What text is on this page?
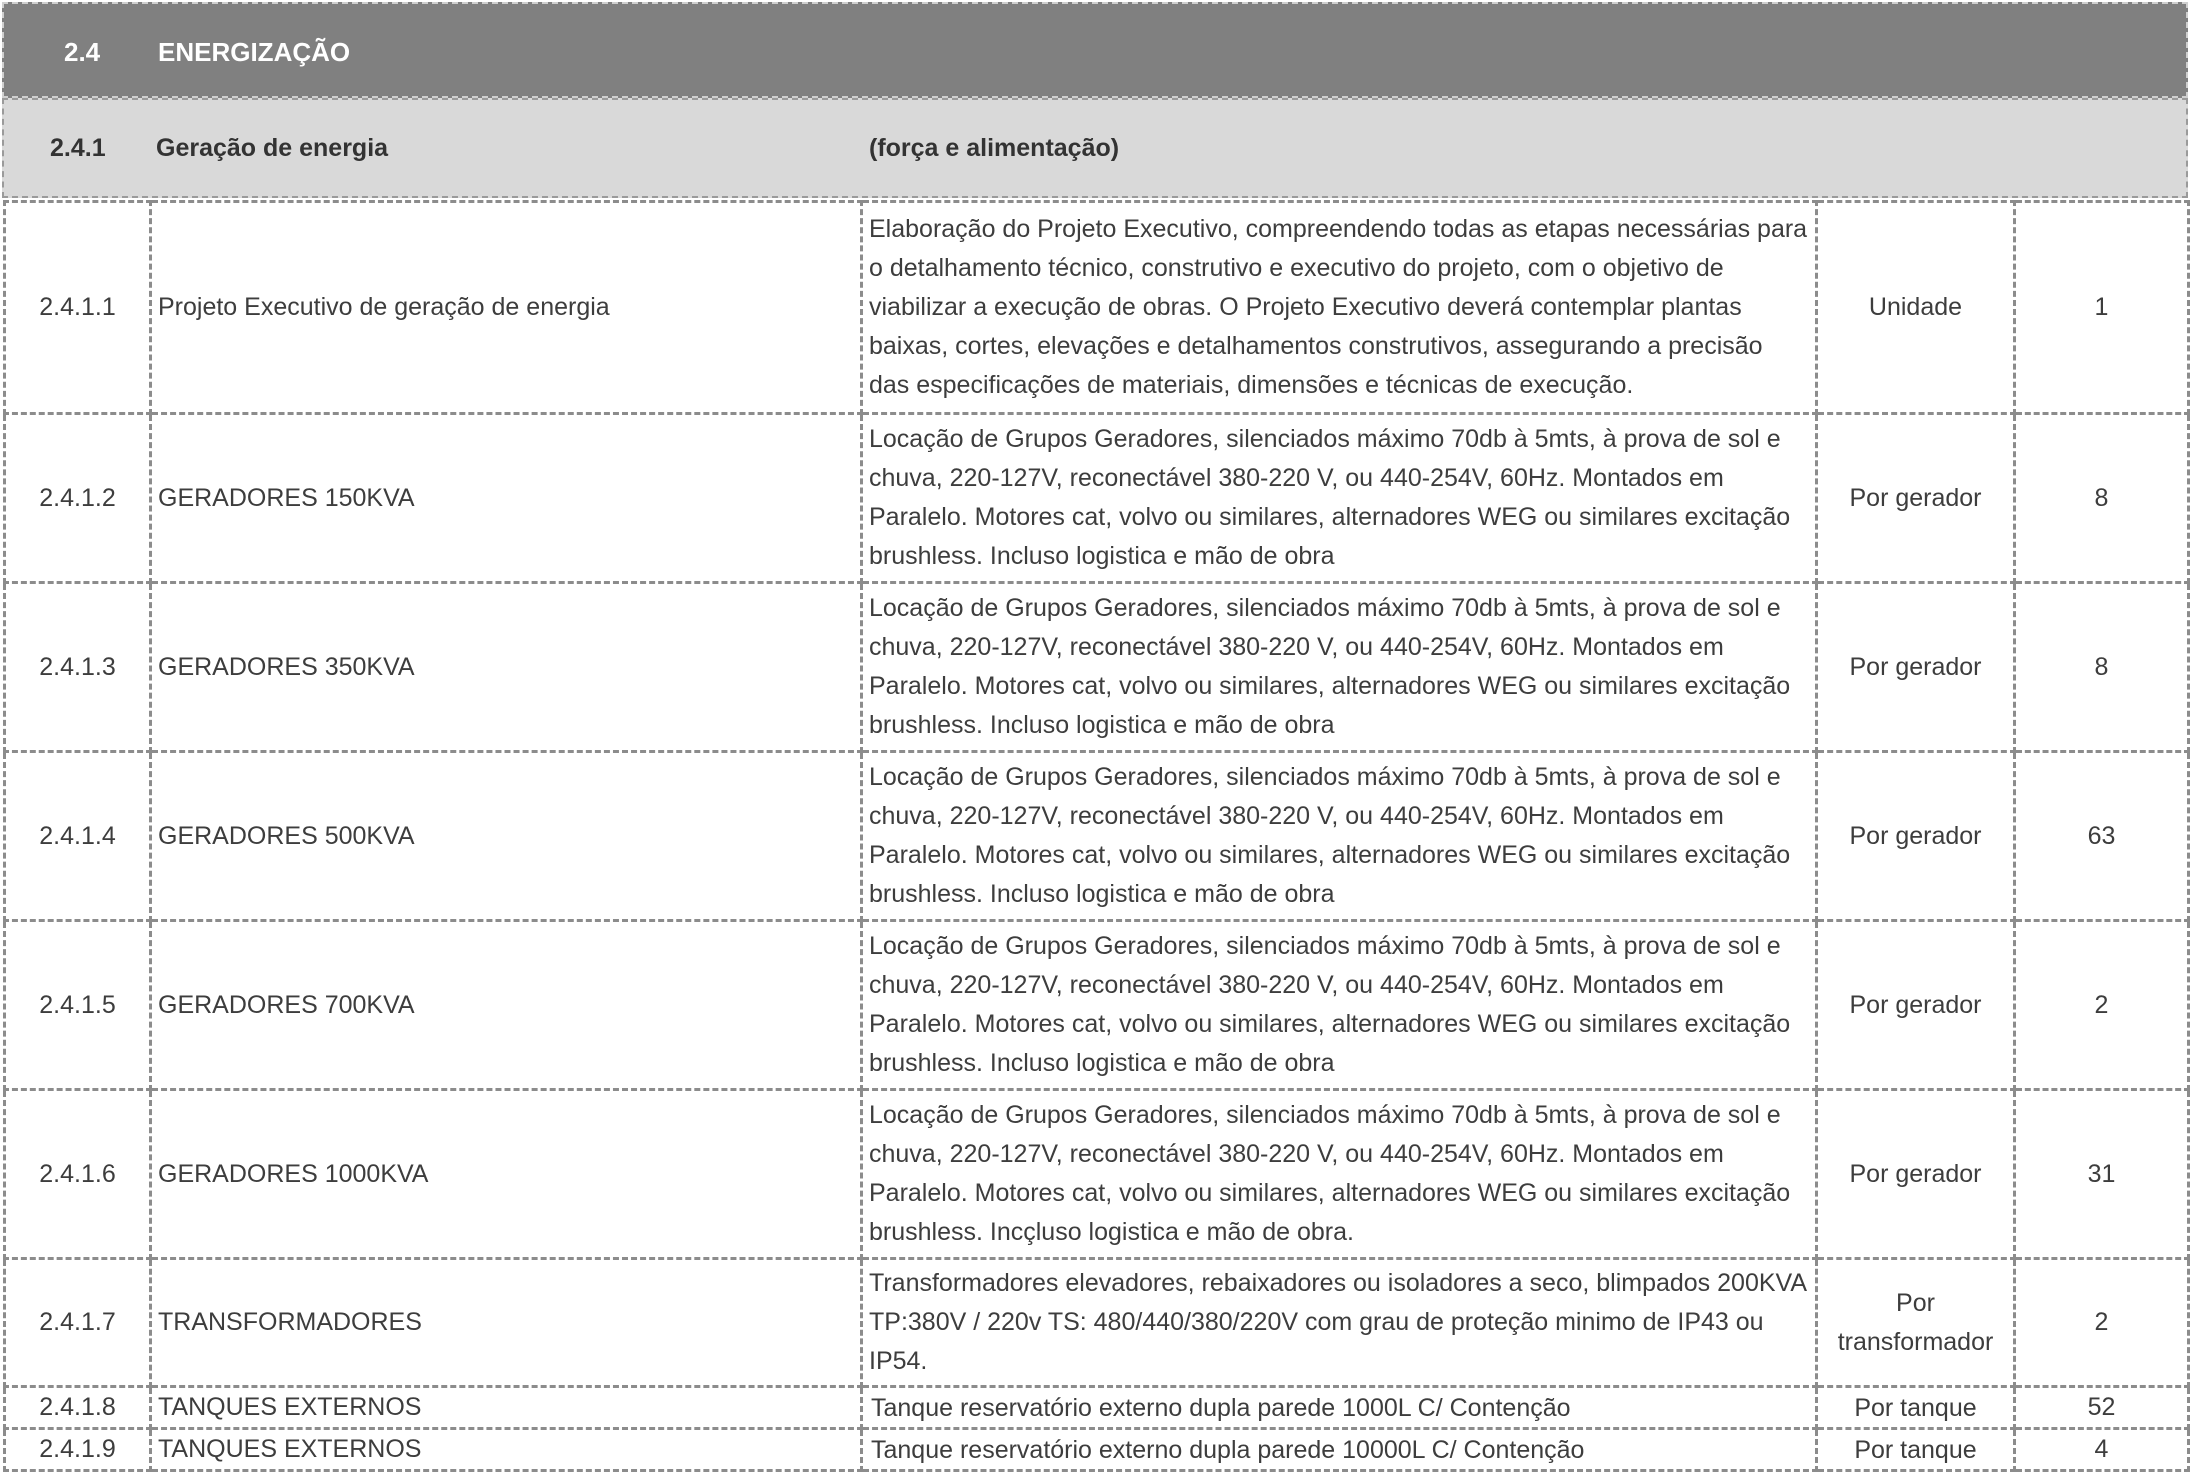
2.4 ENERGIZAÇÃO
2.4.1 Geração de energia	(força e alimentação)
2.4.1.1	Projeto Executivo de geração de energia	Elaboração do Projeto Executivo, compreendendo todas as etapas necessárias para o detalhamento técnico, construtivo e executivo do projeto, com o objetivo de viabilizar a execução de obras. O Projeto Executivo deverá contemplar plantas baixas, cortes, elevações e detalhamentos construtivos, assegurando a precisão das especificações de materiais, dimensões e técnicas de execução.	Unidade	1
2.4.1.2	GERADORES 150KVA	Locação de Grupos Geradores, silenciados máximo 70db à 5mts, à prova de sol e chuva, 220-127V, reconectável 380-220 V, ou 440-254V, 60Hz. Montados em Paralelo. Motores cat, volvo ou similares, alternadores WEG ou similares excitação brushless. Incluso logistica e mão de obra	Por gerador	8
2.4.1.3	GERADORES 350KVA	Locação de Grupos Geradores, silenciados máximo 70db à 5mts, à prova de sol e chuva, 220-127V, reconectável 380-220 V, ou 440-254V, 60Hz. Montados em Paralelo. Motores cat, volvo ou similares, alternadores WEG ou similares excitação brushless. Incluso logistica e mão de obra	Por gerador	8
2.4.1.4	GERADORES 500KVA	Locação de Grupos Geradores, silenciados máximo 70db à 5mts, à prova de sol e chuva, 220-127V, reconectável 380-220 V, ou 440-254V, 60Hz. Montados em Paralelo. Motores cat, volvo ou similares, alternadores WEG ou similares excitação brushless. Incluso logistica e mão de obra	Por gerador	63
2.4.1.5	GERADORES 700KVA	Locação de Grupos Geradores, silenciados máximo 70db à 5mts, à prova de sol e chuva, 220-127V, reconectável 380-220 V, ou 440-254V, 60Hz. Montados em Paralelo. Motores cat, volvo ou similares, alternadores WEG ou similares excitação brushless. Incluso logistica e mão de obra	Por gerador	2
2.4.1.6	GERADORES 1000KVA	Locação de Grupos Geradores, silenciados máximo 70db à 5mts, à prova de sol e chuva, 220-127V, reconectável 380-220 V, ou 440-254V, 60Hz. Montados em Paralelo. Motores cat, volvo ou similares, alternadores WEG ou similares excitação brushless. Incçluso logistica e mão de obra.	Por gerador	31
2.4.1.7	TRANSFORMADORES	Transformadores elevadores, rebaixadores ou isoladores a seco, blimpados 200KVA TP:380V / 220v TS: 480/440/380/220V com grau de proteção minimo de IP43 ou IP54.	Por transformador	2
2.4.1.8	TANQUES EXTERNOS	Tanque reservatório externo dupla parede 1000L C/ Contenção	Por tanque	52
2.4.1.9	TANQUES EXTERNOS	Tanque reservatório externo dupla parede 10000L C/ Contenção	Por tanque	4
